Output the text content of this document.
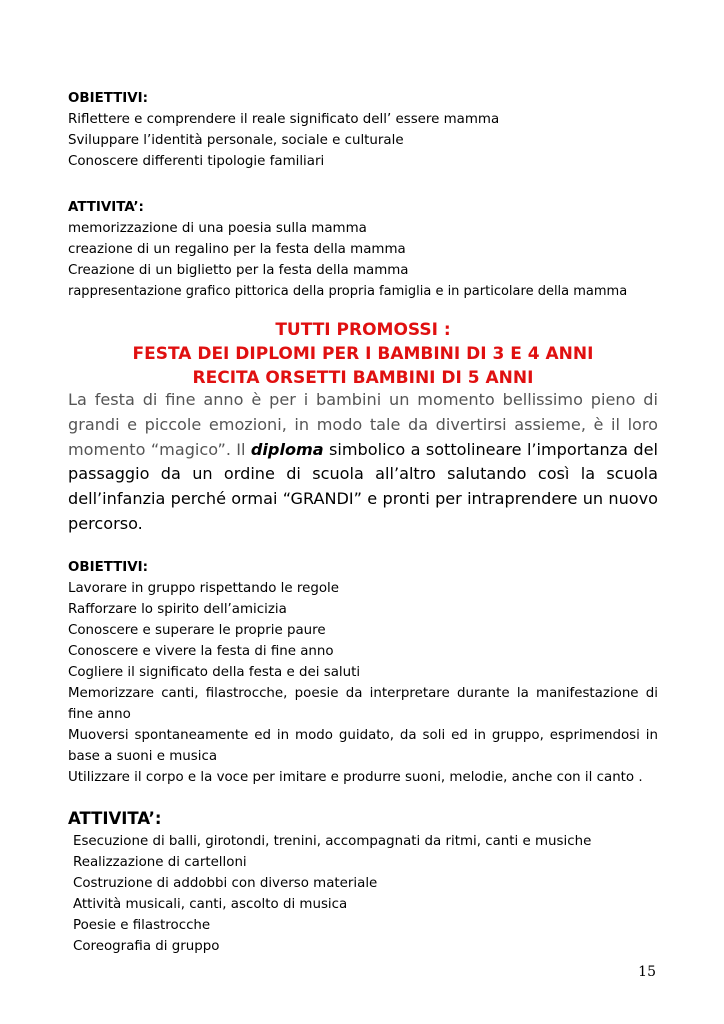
OBIETTIVI:
Riflettere e comprendere il reale significato dell’ essere mamma
Sviluppare l’identità personale, sociale e culturale
Conoscere differenti tipologie familiari
ATTIVITA’:
memorizzazione di una poesia sulla mamma
creazione di un regalino per la festa della mamma
Creazione di un biglietto per la festa della mamma
rappresentazione grafico pittorica della propria famiglia e in particolare della mamma
TUTTI PROMOSSI :
FESTA DEI DIPLOMI PER I BAMBINI DI 3 E 4 ANNI
RECITA ORSETTI BAMBINI DI 5 ANNI
La festa di fine anno è per i bambini un momento bellissimo pieno di grandi e piccole emozioni, in modo tale da divertirsi assieme, è il loro momento “magico”. Il diploma simbolico a sottolineare l’importanza del passaggio da un ordine di scuola all’altro salutando così la scuola dell’infanzia perché ormai “GRANDI” e pronti per intraprendere un nuovo percorso.
OBIETTIVI:
Lavorare in gruppo rispettando le regole
Rafforzare lo spirito dell’amicizia
Conoscere e superare le proprie paure
Conoscere e vivere la festa di fine anno
Cogliere il significato della festa e dei saluti
Memorizzare canti, filastrocche, poesie da interpretare durante la manifestazione di fine anno
Muoversi spontaneamente ed in modo guidato, da soli ed in gruppo, esprimendosi in base a suoni e musica
Utilizzare il corpo e la voce per imitare e produrre suoni, melodie, anche con il canto .
ATTIVITA’:
Esecuzione di balli, girotondi, trenini, accompagnati da ritmi, canti e musiche
Realizzazione di cartelloni
Costruzione di addobbi con diverso materiale
Attività musicali, canti, ascolto di musica
Poesie e filastrocche
Coreografia di gruppo
15
